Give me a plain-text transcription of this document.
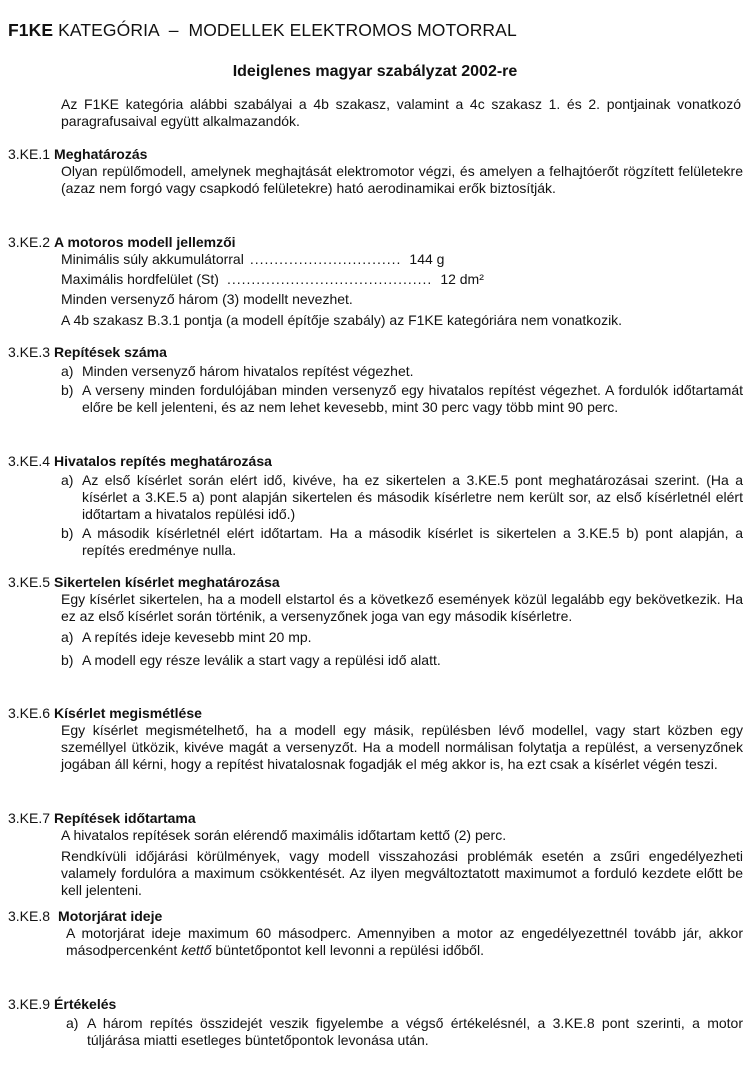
F1KE KATEGÓRIA  –  MODELLEK ELEKTROMOS MOTORRAL
Ideiglenes magyar szabályzat 2002-re
Az F1KE kategória alábbi szabályai a 4b szakasz, valamint a 4c szakasz 1. és 2. pontjainak vonatkozó paragrafusaival együtt alkalmazandók.
3.KE.1 Meghatározás

Olyan repülőmodell, amelynek meghajtását elektromotor végzi, és amelyen a felhajtóerőt rögzített felületekre (azaz nem forgó vagy csapkodó felületekre) ható aerodinamikai erők biztosítják.

3.KE.2 A motoros modell jellemzői
Minimális súly akkumulátorral ............................... 144 g
Maximális hordfelület (St) .......................................... 12 dm²

Minden versenyző három (3) modellt nevezhet.

A 4b szakasz B.3.1 pontja (a modell építője szabály) az F1KE kategóriára nem vonatkozik.

3.KE.3 Repítések száma
a) Minden versenyző három hivatalos repítést végezhet.
b) A verseny minden fordulójában minden versenyző egy hivatalos repítést végezhet. A fordulók időtartamát előre be kell jelenteni, és az nem lehet kevesebb, mint 30 perc vagy több mint 90 perc.
3.KE.4 Hivatalos repítés meghatározása
a) Az első kísérlet során elért idő, kivéve, ha ez sikertelen a 3.KE.5 pont meghatározásai szerint. (Ha a kísérlet a 3.KE.5 a) pont alapján sikertelen és második kísérletre nem került sor, az első kísérletnél elért időtartam a hivatalos repülési idő.)
b) A második kísérletnél elért időtartam. Ha a második kísérlet is sikertelen a 3.KE.5 b) pont alapján, a repítés eredménye nulla.
3.KE.5 Sikertelen kísérlet meghatározása

Egy kísérlet sikertelen, ha a modell elstartol és a következő események közül legalább egy bekövetkezik. Ha ez az első kísérlet során történik, a versenyzőnek joga van egy második kísérletre.

a) A repítés ideje kevesebb mint 20 mp.
b) A modell egy része leválik a start vagy a repülési idő alatt.
3.KE.6 Kísérlet megismétlése

Egy kísérlet megismételhető, ha a modell egy másik, repülésben lévő modellel, vagy start közben egy személlyel ütközik, kivéve magát a versenyzőt. Ha a modell normálisan folytatja a repülést, a versenyzőnek jogában áll kérni, hogy a repítést hivatalosnak fogadják el még akkor is, ha ezt csak a kísérlet végén teszi.

3.KE.7 Repítések időtartama

A hivatalos repítések során elérendő maximális időtartam kettő (2) perc.

Rendkívüli időjárási körülmények, vagy modell visszahozási problémák esetén a zsűri engedélyezheti valamely fordulóra a maximum csökkentését. Az ilyen megváltoztatott maximumot a forduló kezdete előtt be kell jelenteni.

3.KE.8 Motorjárat ideje

A motorjárat ideje maximum 60 másodperc. Amennyiben a motor az engedélyezettnél tovább jár, akkor másodpercenként kettő büntetőpontot kell levonni a repülési időből.

3.KE.9 Értékelés
a) A három repítés összidejét veszik figyelembe a végső értékelésnél, a 3.KE.8 pont szerinti, a motor túljárása miatti esetleges büntetőpontok levonása után.
